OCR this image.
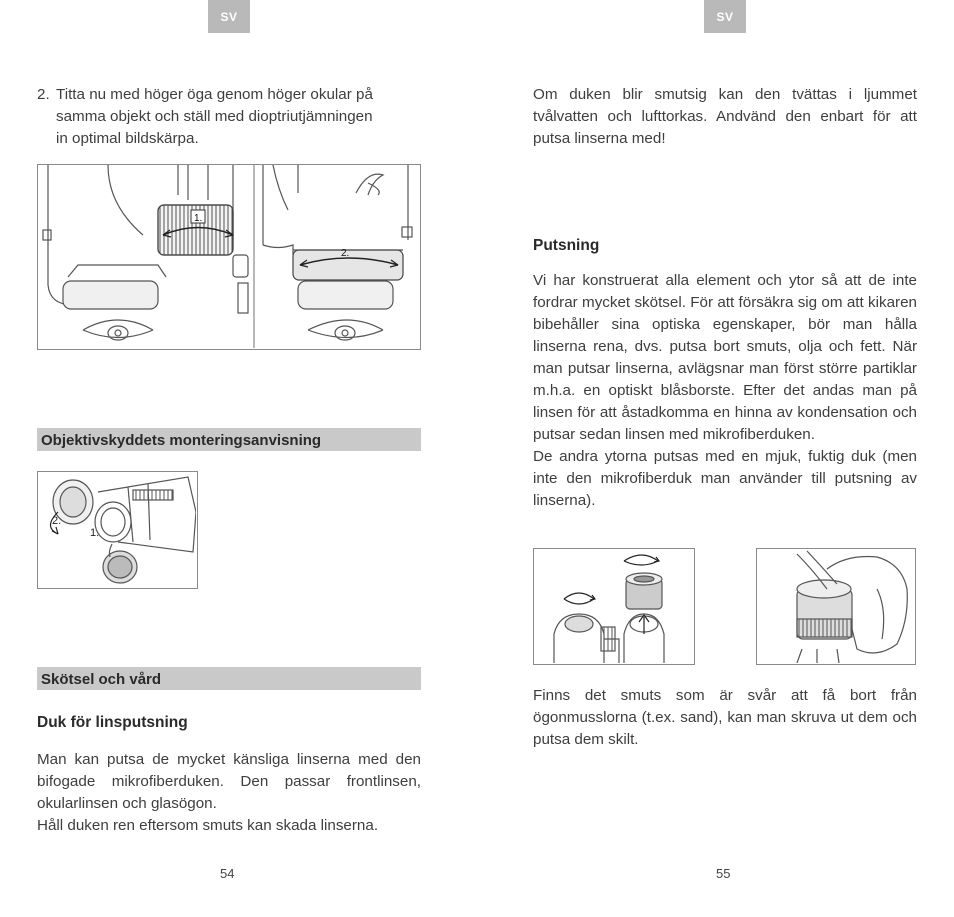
SV
2. Titta nu med höger öga genom höger okular på
samma objekt och ställ med dioptriutjämningen
in optimal bildskärpa.
1.
2.
Objektivskyddets monteringsanvisning
2.
1.
Skötsel och vård
Duk för linsputsning

Man kan putsa de mycket känsliga linserna med den bifogade mikrofiberduken. Den passar frontlinsen, okularlinsen och glasögon.

Håll duken ren eftersom smuts kan skada linserna.

54
SV

Om duken blir smutsig kan den tvättas i ljummet tvålvatten och lufttorkas. Andvänd den enbart för att putsa linserna med!

Putsning

Vi har konstruerat alla element och ytor så att de inte fordrar mycket skötsel. För att försäkra sig om att kikaren bibehåller sina optiska egenskaper, bör man hålla linserna rena, dvs. putsa bort smuts, olja och fett. När man putsar linserna, avlägsnar man först större partiklar m.h.a. en optiskt blåsborste. Efter det andas man på linsen för att åstadkomma en hinna av kondensation och putsar sedan linsen med mikrofiberduken.

De andra ytorna putsas med en mjuk, fuktig duk (men inte den mikrofiberduk man använder till putsning av linserna).

Finns det smuts som är svår att få bort från ögonmusslorna (t.ex. sand), kan man skruva ut dem och putsa dem skilt.

55
